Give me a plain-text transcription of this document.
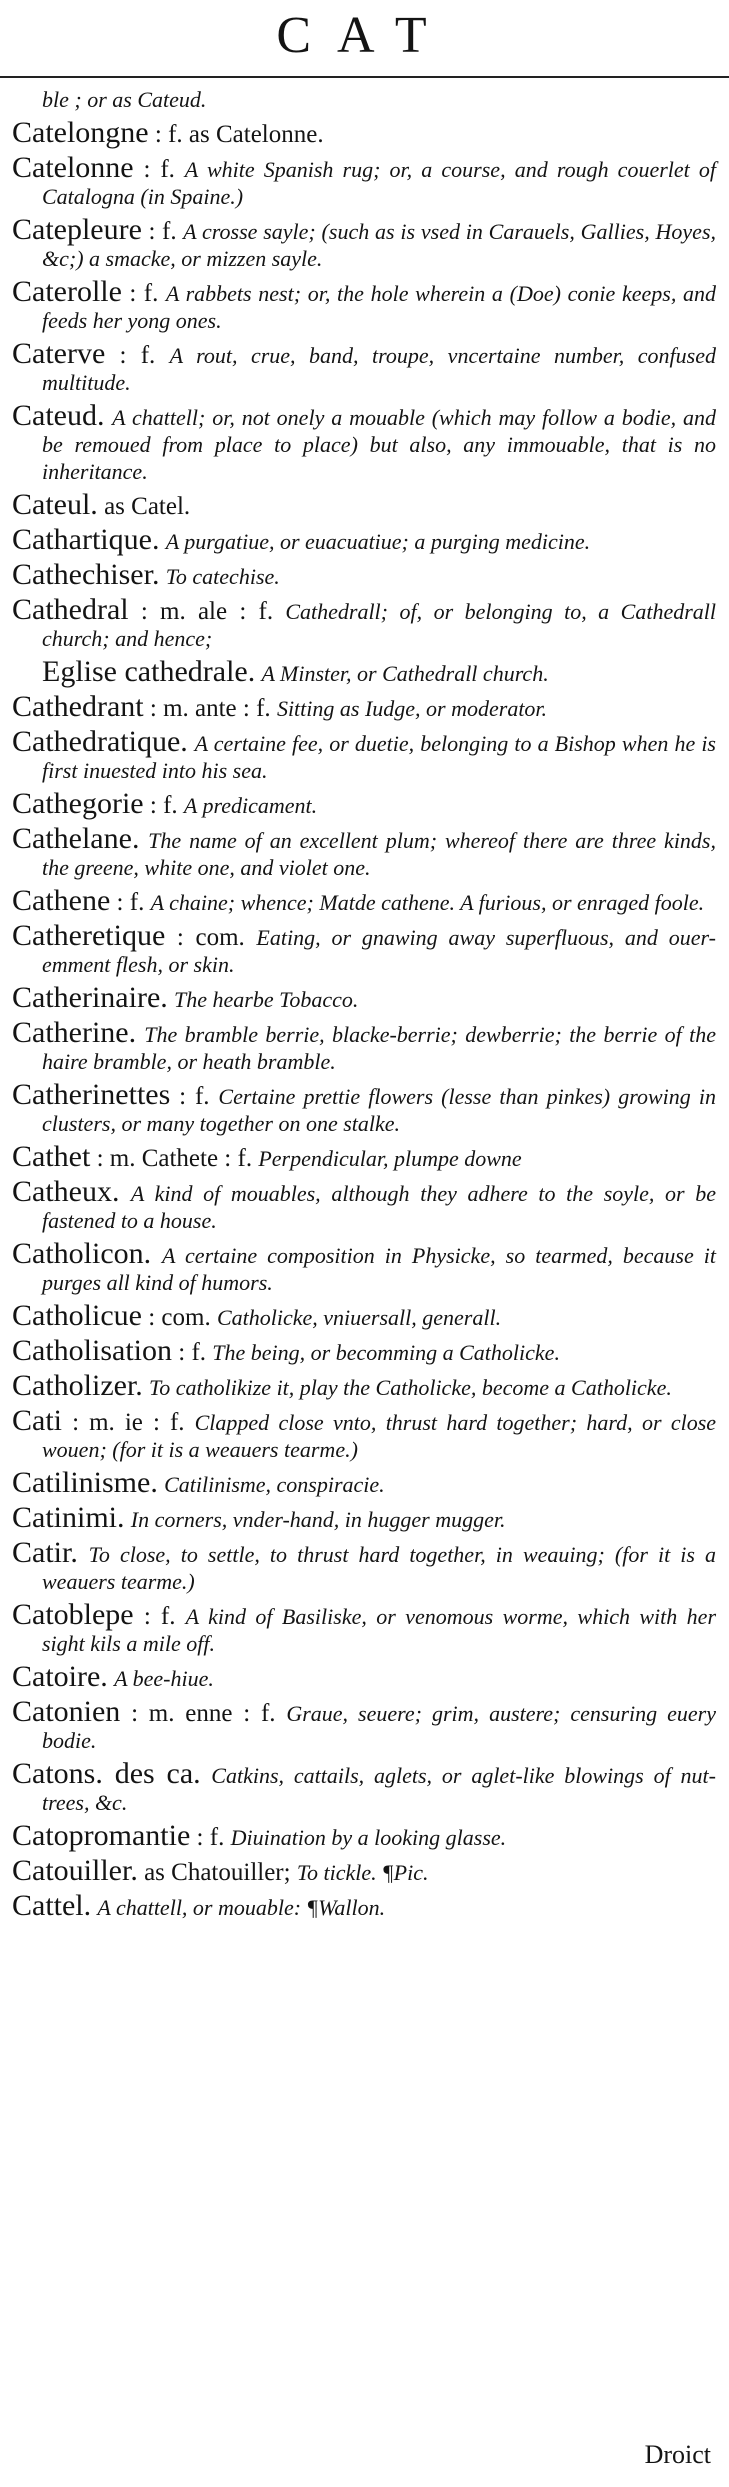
CAT

ble ; or as Cateud.

Catelongne : f. as Catelonne.

Catelonne : f. A white Spanish rug; or, a course, and rough couerlet of Catalogna (in Spaine.)

Catepleure : f. A crosse sayle; (such as is vsed in Carauels, Gallies, Hoyes, &c;) a smacke, or mizzen sayle.

Caterolle : f. A rabbets nest; or, the hole wherein a (Doe) conie keeps, and feeds her yong ones.

Caterve : f. A rout, crue, band, troupe, vncertaine number, confused multitude.

Cateud. A chattell; or, not onely a mouable (which may follow a bodie, and be remoued from place to place) but also, any immouable, that is no inheritance.

Cateul. as Catel.

Cathartique. A purgatiue, or euacuatiue; a purging medicine.

Cathechiser. To catechise.

Cathedral : m. ale : f. Cathedrall; of, or belonging to, a Cathedrall church; and hence;

Eglise cathedrale. A Minster, or Cathedrall church.

Cathedrant : m. ante : f. Sitting as Iudge, or moderator.

Cathedratique. A certaine fee, or duetie, belonging to a Bishop when he is first inuested into his sea.

Cathegorie : f. A predicament.

Cathelane. The name of an excellent plum; whereof there are three kinds, the greene, white one, and violet one.

Cathene : f. A chaine; whence; Matde cathene. A furious, or enraged foole.

Catheretique : com. Eating, or gnawing away superfluous, and ouer-emment flesh, or skin.

Catherinaire. The hearbe Tobacco.

Catherine. The bramble berrie, blacke-berrie; dewberrie; the berrie of the haire bramble, or heath bramble.

Catherinettes : f. Certaine prettie flowers (lesse than pinkes) growing in clusters, or many together on one stalke.

Cathet : m. Cathete : f. Perpendicular, plumpe downe

Catheux. A kind of mouables, although they adhere to the soyle, or be fastened to a house.

Catholicon. A certaine composition in Physicke, so tearmed, because it purges all kind of humors.

Catholicue : com. Catholicke, vniuersall, generall.

Catholisation : f. The being, or becomming a Catholicke.

Catholizer. To catholikize it, play the Catholicke, become a Catholicke.

Cati : m. ie : f. Clapped close vnto, thrust hard together; hard, or close wouen; (for it is a weauers tearme.)

Catilinisme. Catilinisme, conspiracie.

Catinimi. In corners, vnder-hand, in hugger mugger.

Catir. To close, to settle, to thrust hard together, in weauing; (for it is a weauers tearme.)

Catoblepe : f. A kind of Basiliske, or venomous worme, which with her sight kils a mile off.

Catoire. A bee-hiue.

Catonien : m. enne : f. Graue, seuere; grim, austere; censuring euery bodie.

Catons. des ca. Catkins, cattails, aglets, or aglet-like blowings of nut-trees, &c.

Catopromantie : f. Diuination by a looking glasse.

Catouiller. as Chatouiller; To tickle. ¶Pic.

Cattel. A chattell, or mouable: ¶Wallon.

Droict
